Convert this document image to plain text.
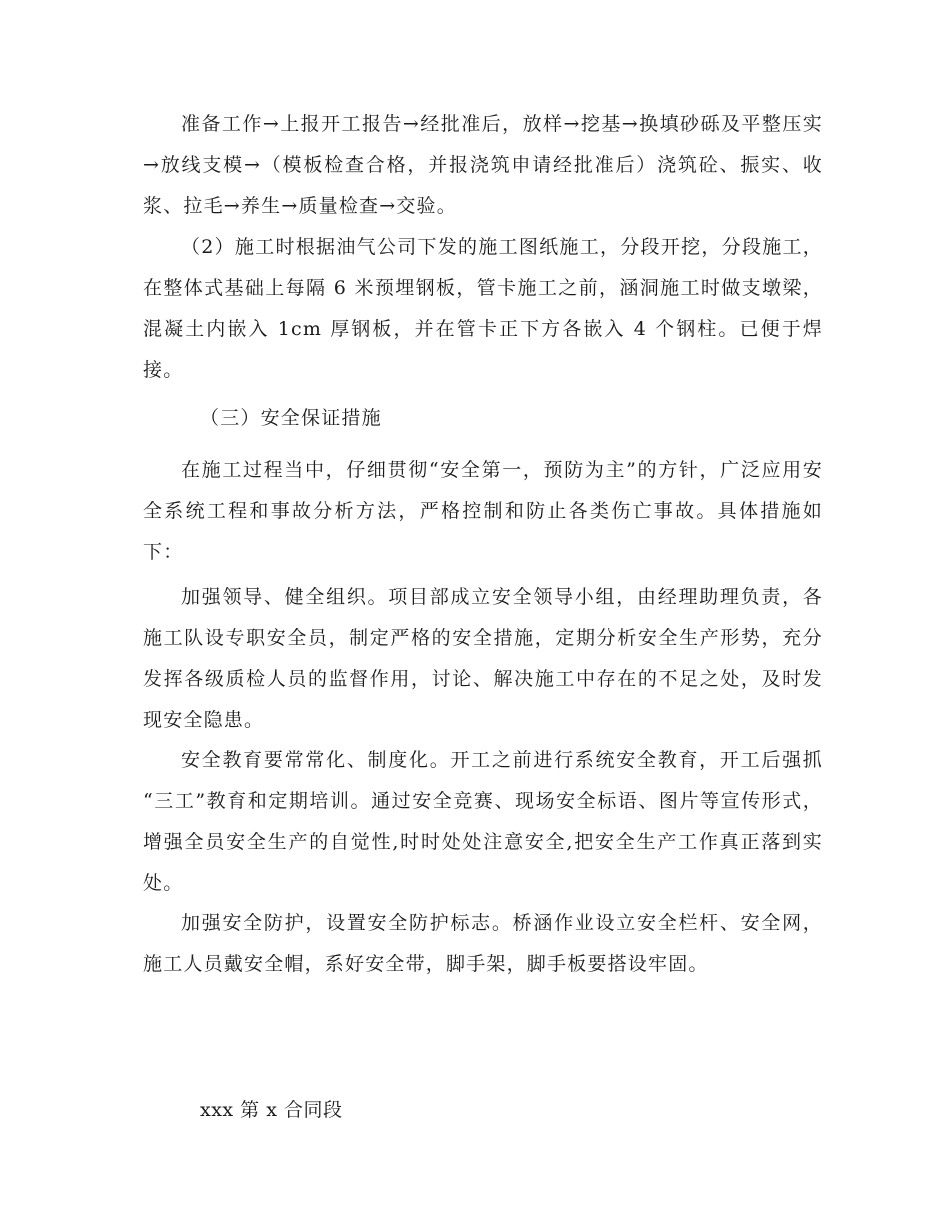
准备工作→上报开工报告→经批准后，放样→挖基→换填砂砾及平整压实→放线支模→（模板检查合格，并报浇筑申请经批准后）浇筑砼、振实、收浆、拉毛→养生→质量检查→交验。

（2）施工时根据油气公司下发的施工图纸施工，分段开挖，分段施工，在整体式基础上每隔 6 米预埋钢板，管卡施工之前，涵洞施工时做支墩梁，混凝土内嵌入 1cm 厚钢板，并在管卡正下方各嵌入 4 个钢柱。已便于焊接。

（三）安全保证措施

在施工过程当中，仔细贯彻“安全第一，预防为主”的方针，广泛应用安全系统工程和事故分析方法，严格控制和防止各类伤亡事故。具体措施如下：

加强领导、健全组织。项目部成立安全领导小组，由经理助理负责，各施工队设专职安全员，制定严格的安全措施，定期分析安全生产形势，充分发挥各级质检人员的监督作用，讨论、解决施工中存在的不足之处，及时发现安全隐患。

安全教育要常常化、制度化。开工之前进行系统安全教育，开工后强抓 “三工”教育和定期培训。通过安全竞赛、现场安全标语、图片等宣传形式，增强全员安全生产的自觉性,时时处处注意安全,把安全生产工作真正落到实处。

加强安全防护，设置安全防护标志。桥涵作业设立安全栏杆、安全网，施工人员戴安全帽，系好安全带，脚手架，脚手板要搭设牢固。

xxx 第 x 合同段
